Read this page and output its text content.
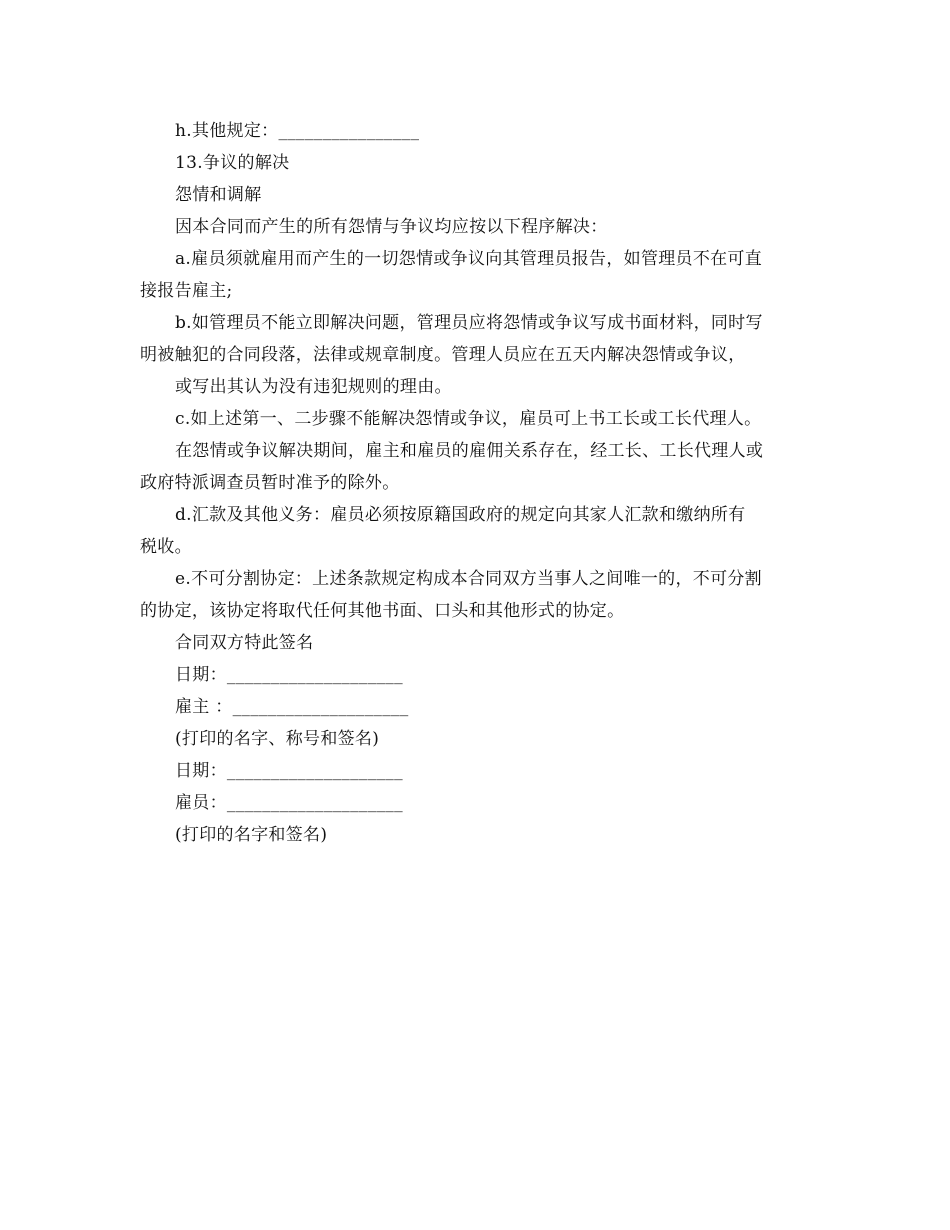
h.其他规定：________________
13.争议的解决
怨情和调解
因本合同而产生的所有怨情与争议均应按以下程序解决：
a.雇员须就雇用而产生的一切怨情或争议向其管理员报告，如管理员不在可直
接报告雇主;
b.如管理员不能立即解决问题，管理员应将怨情或争议写成书面材料，同时写
明被触犯的合同段落，法律或规章制度。管理人员应在五天内解决怨情或争议，
或写出其认为没有违犯规则的理由。
c.如上述第一、二步骤不能解决怨情或争议，雇员可上书工长或工长代理人。
在怨情或争议解决期间，雇主和雇员的雇佣关系存在，经工长、工长代理人或
政府特派调查员暂时准予的除外。
d.汇款及其他义务：雇员必须按原籍国政府的规定向其家人汇款和缴纳所有
税收。
e.不可分割协定：上述条款规定构成本合同双方当事人之间唯一的，不可分割
的协定，该协定将取代任何其他书面、口头和其他形式的协定。
合同双方特此签名
日期：____________________
雇主 ：____________________
(打印的名字、称号和签名)
日期：____________________
雇员：____________________
(打印的名字和签名)
